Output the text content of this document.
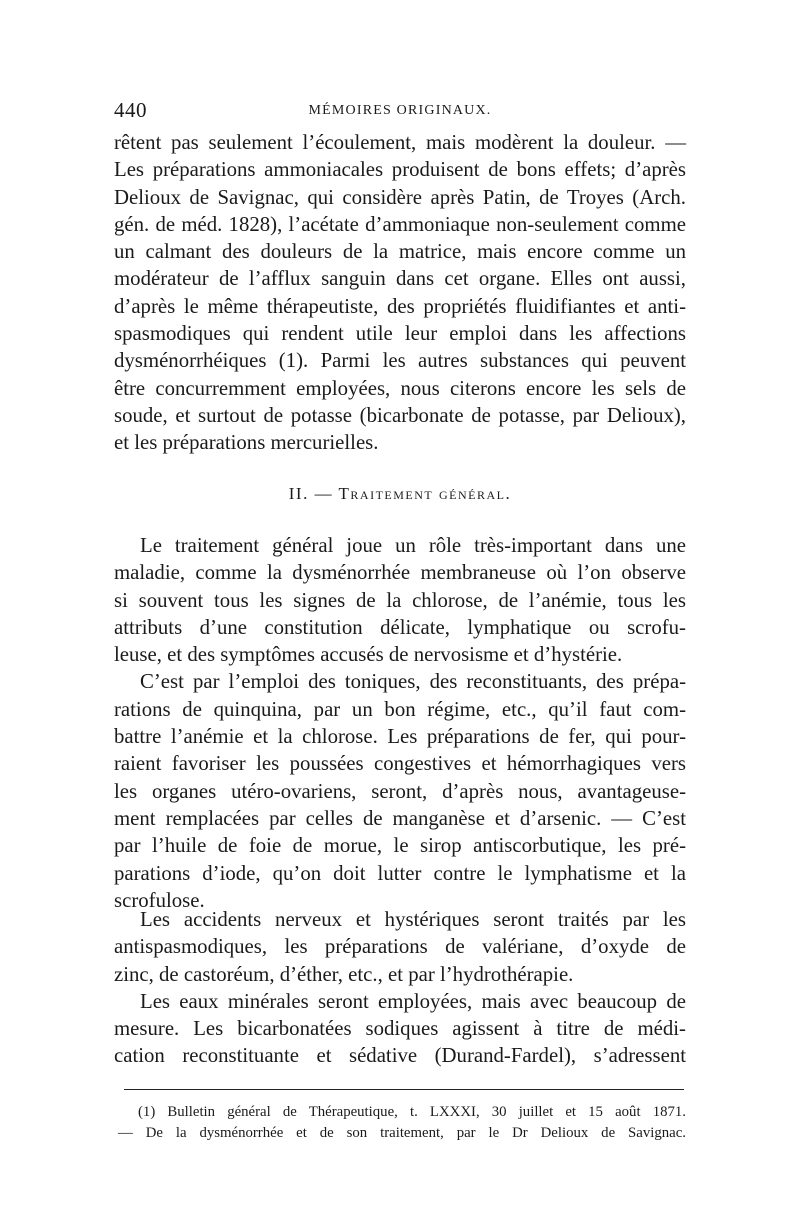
440	MÉMOIRES ORIGINAUX.
rêtent pas seulement l’écoulement, mais modèrent la douleur. —
Les préparations ammoniacales produisent de bons effets; d’après
Delioux de Savignac, qui considère après Patin, de Troyes (Arch.
gén. de méd. 1828), l’acétate d’ammoniaque non-seulement comme
un calmant des douleurs de la matrice, mais encore comme un
modérateur de l’afflux sanguin dans cet organe. Elles ont aussi,
d’après le même thérapeutiste, des propriétés fluidifiantes et anti-
spasmodiques qui rendent utile leur emploi dans les affections
dysménorrhéiques (1). Parmi les autres substances qui peuvent
être concurremment employées, nous citerons encore les sels de
soude, et surtout de potasse (bicarbonate de potasse, par Delioux),
et les préparations mercurielles.
II. — Traitement général.
Le traitement général joue un rôle très-important dans une
maladie, comme la dysménorrhée membraneuse où l’on observe
si souvent tous les signes de la chlorose, de l’anémie, tous les
attributs d’une constitution délicate, lymphatique ou scrofu-
leuse, et des symptômes accusés de nervosisme et d’hystérie.
C’est par l’emploi des toniques, des reconstituants, des prépa-
rations de quinquina, par un bon régime, etc., qu’il faut com-
battre l’anémie et la chlorose. Les préparations de fer, qui pour-
raient favoriser les poussées congestives et hémorrhagiques vers
les organes utéro-ovariens, seront, d’après nous, avantageuse-
ment remplacées par celles de manganèse et d’arsenic. — C’est
par l’huile de foie de morue, le sirop antiscorbutique, les pré-
parations d’iode, qu’on doit lutter contre le lymphatisme et la
scrofulose.
Les accidents nerveux et hystériques seront traités par les
antispasmodiques, les préparations de valériane, d’oxyde de
zinc, de castoréum, d’éther, etc., et par l’hydrothérapie.
Les eaux minérales seront employées, mais avec beaucoup de
mesure. Les bicarbonatées sodiques agissent à titre de médi-
cation reconstituante et sédative (Durand-Fardel), s’adressent
(1) Bulletin général de Thérapeutique, t. LXXXI, 30 juillet et 15 août 1871.
— De la dysménorrhée et de son traitement, par le Dr Delioux de Savignac.
